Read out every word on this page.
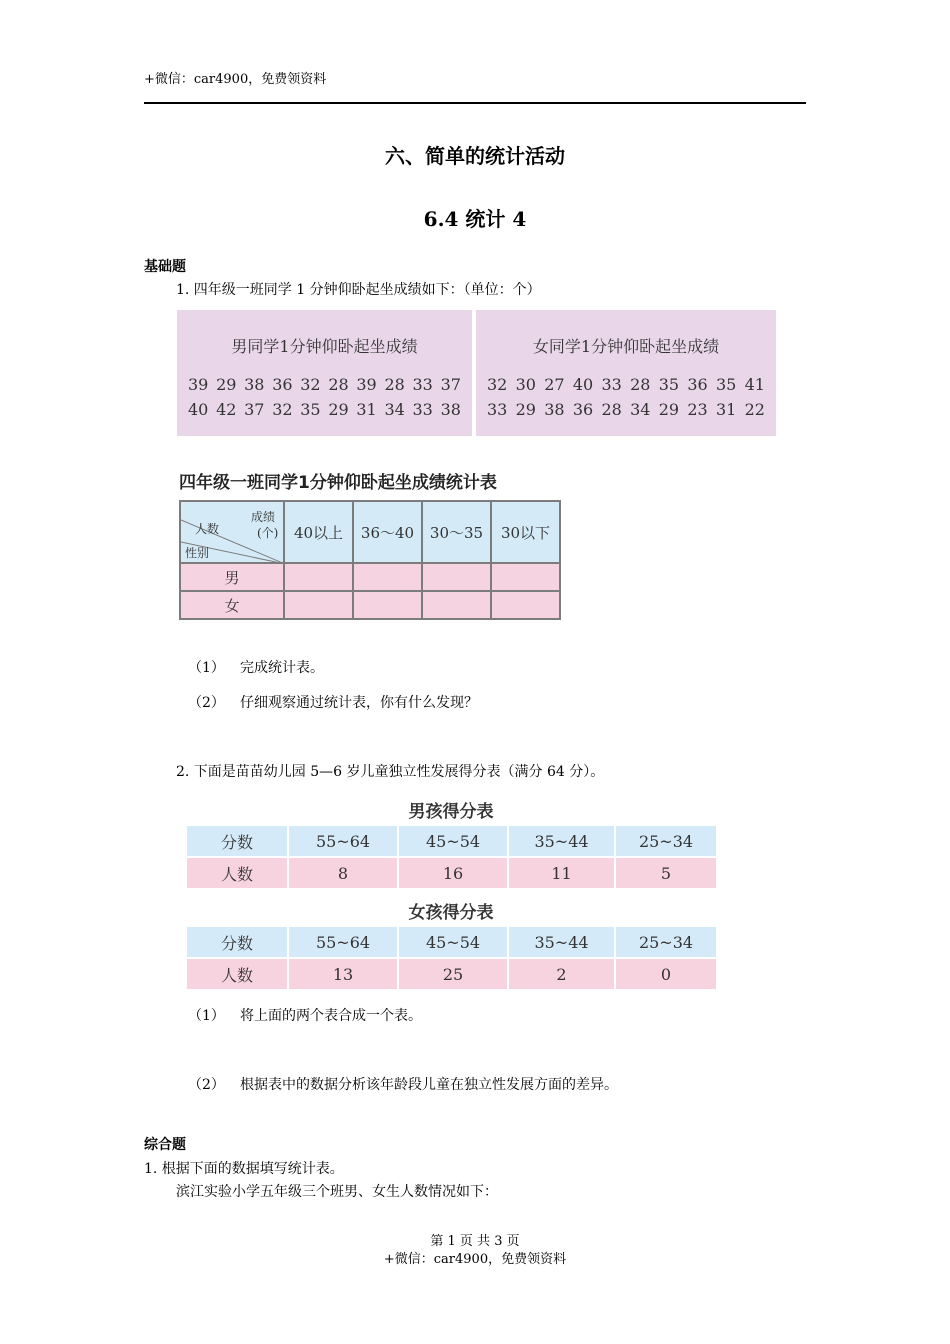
+微信：car4900，免费领资料
六、简单的统计活动
6.4 统计 4
基础题
1. 四年级一班同学 1 分钟仰卧起坐成绩如下：（单位：个）
男同学1分钟仰卧起坐成绩
39 29 38 36 32 28 39 28 33 37
40 42 37 32 35 29 31 34 33 38
女同学1分钟仰卧起坐成绩
32 30 27 40 33 28 35 36 35 41
33 29 38 36 28 34 29 23 31 22
四年级一班同学1分钟仰卧起坐成绩统计表
成绩
(个)
人数
性别	40以上	36～40	30～35	30以下
男				
女				
（1） 完成统计表。
（2） 仔细观察通过统计表，你有什么发现？
2. 下面是苗苗幼儿园 5—6 岁儿童独立性发展得分表（满分 64 分）。
男孩得分表
分数	55~64	45~54	35~44	25~34
人数	8	16	11	5
女孩得分表
分数	55~64	45~54	35~44	25~34
人数	13	25	2	0
（1） 将上面的两个表合成一个表。
（2） 根据表中的数据分析该年龄段儿童在独立性发展方面的差异。
综合题
1. 根据下面的数据填写统计表。
滨江实验小学五年级三个班男、女生人数情况如下：
第 1 页 共 3 页
+微信：car4900，免费领资料
